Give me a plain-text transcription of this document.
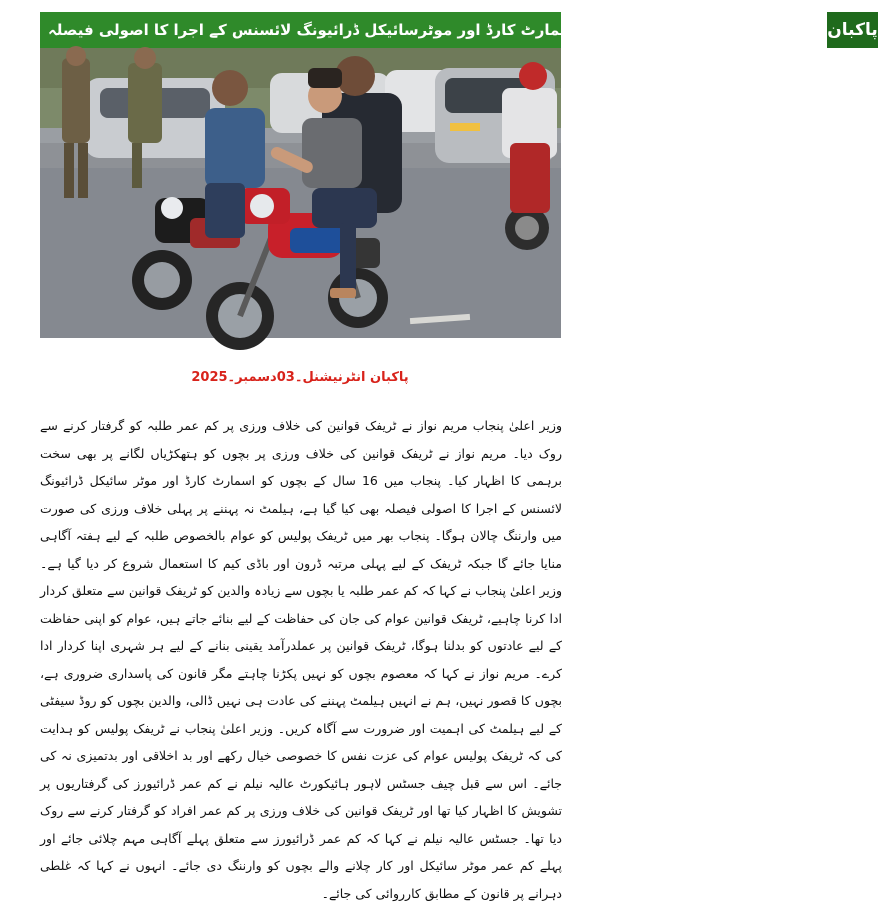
پنجاب میں 16 سال کے بچوں کو اسمارٹ کارڈ اور موٹرسائیکل ڈرائیونگ لائسنس کے اجرا کا اصولی فیصلہ پاکبان
پاکبان انٹرنیشنل۔03دسمبر۔2025
وزیر اعلیٰ پنجاب مریم نواز نے ٹریفک قوانین کی خلاف ورزی پر کم عمر طلبہ کو گرفتار کرنے سے روک دیا۔ مریم نواز نے ٹریفک قوانین کی خلاف ورزی پر بچوں کو ہتھکڑیاں لگانے پر بھی سخت برہمی کا اظہار کیا۔ پنجاب میں 16 سال کے بچوں کو اسمارٹ کارڈ اور موٹر سائیکل ڈرائیونگ لائسنس کے اجرا کا اصولی فیصلہ بھی کیا گیا ہے، ہیلمٹ نہ پہننے پر پہلی خلاف ورزی کی صورت میں وارننگ چالان ہوگا۔ پنجاب بھر میں ٹریفک پولیس کو عوام بالخصوص طلبہ کے لیے ہفتہ آگاہی منایا جائے گا جبکہ ٹریفک کے لیے پہلی مرتبہ ڈرون اور باڈی کیم کا استعمال شروع کر دیا گیا ہے۔ وزیر اعلیٰ پنجاب نے کہا کہ کم عمر طلبہ یا بچوں سے زیادہ والدین کو ٹریفک قوانین سے متعلق کردار ادا کرنا چاہیے، ٹریفک قوانین عوام کی جان کی حفاظت کے لیے بنائے جاتے ہیں، عوام کو اپنی حفاظت کے لیے عادتوں کو بدلنا ہوگا، ٹریفک قوانین پر عملدرآمد یقینی بنانے کے لیے ہر شہری اپنا کردار ادا کرے۔ مریم نواز نے کہا کہ معصوم بچوں کو نہیں پکڑنا چاہتے مگر قانون کی پاسداری ضروری ہے، بچوں کا قصور نہیں، ہم نے انہیں ہیلمٹ پہننے کی عادت ہی نہیں ڈالی، والدین بچوں کو روڈ سیفٹی کے لیے ہیلمٹ کی اہمیت اور ضرورت سے آگاہ کریں۔ وزیر اعلیٰ پنجاب نے ٹریفک پولیس کو ہدایت کی کہ ٹریفک پولیس عوام کی عزت نفس کا خصوصی خیال رکھے اور بد اخلاقی اور بدتمیزی نہ کی جائے۔ اس سے قبل چیف جسٹس لاہور ہائیکورٹ عالیہ نیلم نے کم عمر ڈرائیورز کی گرفتاریوں پر تشویش کا اظہار کیا تھا اور ٹریفک قوانین کی خلاف ورزی پر کم عمر افراد کو گرفتار کرنے سے روک دیا تھا۔ جسٹس عالیہ نیلم نے کہا کہ کم عمر ڈرائیورز سے متعلق پہلے آگاہی مہم چلائی جائے اور پہلے کم عمر موٹر سائیکل اور کار چلانے والے بچوں کو وارننگ دی جائے۔ انہوں نے کہا کہ غلطی دہرانے پر قانون کے مطابق کارروائی کی جائے۔
